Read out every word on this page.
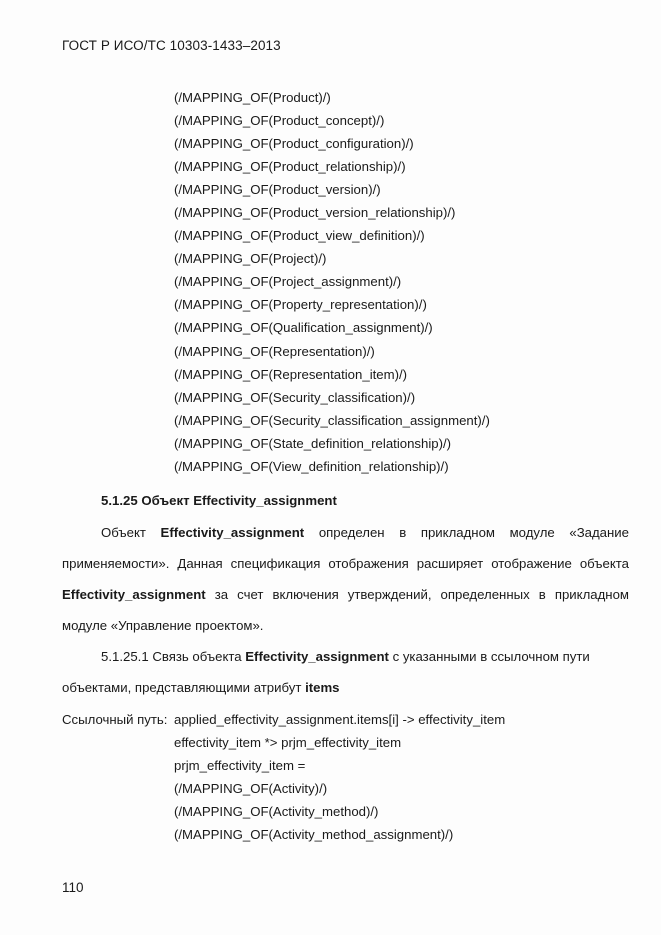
ГОСТ Р ИСО/ТС 10303-1433–2013
(/MAPPING_OF(Product)/)
(/MAPPING_OF(Product_concept)/)
(/MAPPING_OF(Product_configuration)/)
(/MAPPING_OF(Product_relationship)/)
(/MAPPING_OF(Product_version)/)
(/MAPPING_OF(Product_version_relationship)/)
(/MAPPING_OF(Product_view_definition)/)
(/MAPPING_OF(Project)/)
(/MAPPING_OF(Project_assignment)/)
(/MAPPING_OF(Property_representation)/)
(/MAPPING_OF(Qualification_assignment)/)
(/MAPPING_OF(Representation)/)
(/MAPPING_OF(Representation_item)/)
(/MAPPING_OF(Security_classification)/)
(/MAPPING_OF(Security_classification_assignment)/)
(/MAPPING_OF(State_definition_relationship)/)
(/MAPPING_OF(View_definition_relationship)/)
5.1.25 Объект Effectivity_assignment
Объект Effectivity_assignment определен в прикладном модуле «Задание
применяемости». Данная спецификация отображения расширяет отображение объекта
Effectivity_assignment за счет включения утверждений, определенных в прикладном
модуле «Управление проектом».
5.1.25.1 Связь объекта Effectivity_assignment с указанными в ссылочном пути
объектами, представляющими атрибут items
Ссылочный путь: applied_effectivity_assignment.items[i] -> effectivity_item
effectivity_item *> prjm_effectivity_item
prjm_effectivity_item =
(/MAPPING_OF(Activity)/)
(/MAPPING_OF(Activity_method)/)
(/MAPPING_OF(Activity_method_assignment)/)
110
